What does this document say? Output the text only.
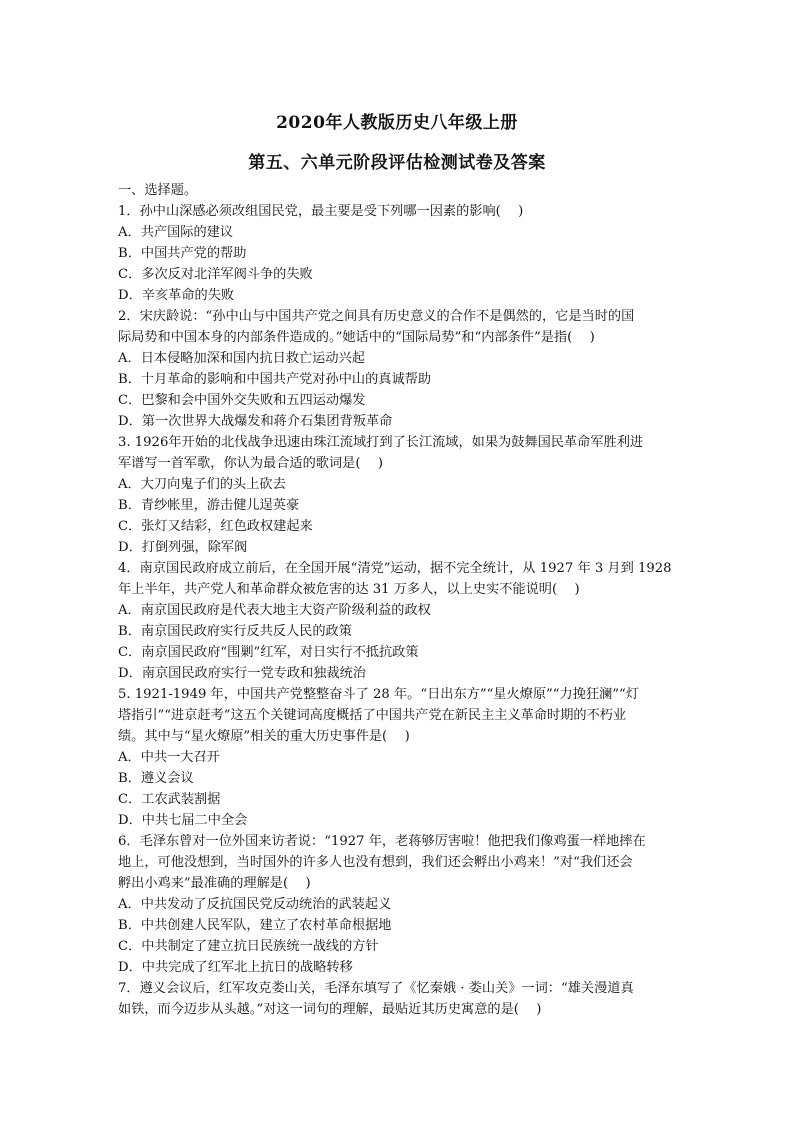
2020年人教版历史八年级上册
第五、六单元阶段评估检测试卷及答案
一、选择题。
1．孙中山深感必须改组国民党，最主要是受下列哪一因素的影响(　 )
A．共产国际的建议
B．中国共产党的帮助
C．多次反对北洋军阀斗争的失败
D．辛亥革命的失败
2．宋庆龄说：“孙中山与中国共产党之间具有历史意义的合作不是偶然的，它是当时的国
际局势和中国本身的内部条件造成的。”她话中的“国际局势”和“内部条件”是指(　 )
A．日本侵略加深和国内抗日救亡运动兴起
B．十月革命的影响和中国共产党对孙中山的真诚帮助
C．巴黎和会中国外交失败和五四运动爆发
D．第一次世界大战爆发和蒋介石集团背叛革命
3. 1926年开始的北伐战争迅速由珠江流域打到了长江流域，如果为鼓舞国民革命军胜利进
军谱写一首军歌，你认为最合适的歌词是(　 )
A．大刀向鬼子们的头上砍去
B．青纱帐里，游击健儿逞英豪
C．张灯又结彩，红色政权建起来
D．打倒列强，除军阀
4．南京国民政府成立前后，在全国开展“清党”运动，据不完全统计，从 1927 年 3 月到 1928
年上半年，共产党人和革命群众被危害的达 31 万多人，以上史实不能说明(　 )
A．南京国民政府是代表大地主大资产阶级利益的政权
B．南京国民政府实行反共反人民的政策
C．南京国民政府“围剿”红军，对日实行不抵抗政策
D．南京国民政府实行一党专政和独裁统治
5. 1921-1949 年，中国共产党整整奋斗了 28 年。“日出东方”“星火燎原”“力挽狂澜”“灯
塔指引”“进京赶考”这五个关键词高度概括了中国共产党在新民主主义革命时期的不朽业
绩。其中与“星火燎原”相关的重大历史事件是(　 )
A．中共一大召开
B．遵义会议
C．工农武装割据
D．中共七届二中全会
6．毛泽东曾对一位外国来访者说：“1927 年，老蒋够厉害啦！他把我们像鸡蛋一样地摔在
地上，可他没想到，当时国外的许多人也没有想到，我们还会孵出小鸡来！”对“我们还会
孵出小鸡来”最准确的理解是(　 )
A．中共发动了反抗国民党反动统治的武装起义
B．中共创建人民军队，建立了农村革命根据地
C．中共制定了建立抗日民族统一战线的方针
D．中共完成了红军北上抗日的战略转移
7．遵义会议后，红军攻克娄山关，毛泽东填写了《忆秦娥 · 娄山关》一词：“雄关漫道真
如铁，而今迈步从头越。”对这一词句的理解，最贴近其历史寓意的是(　 )
